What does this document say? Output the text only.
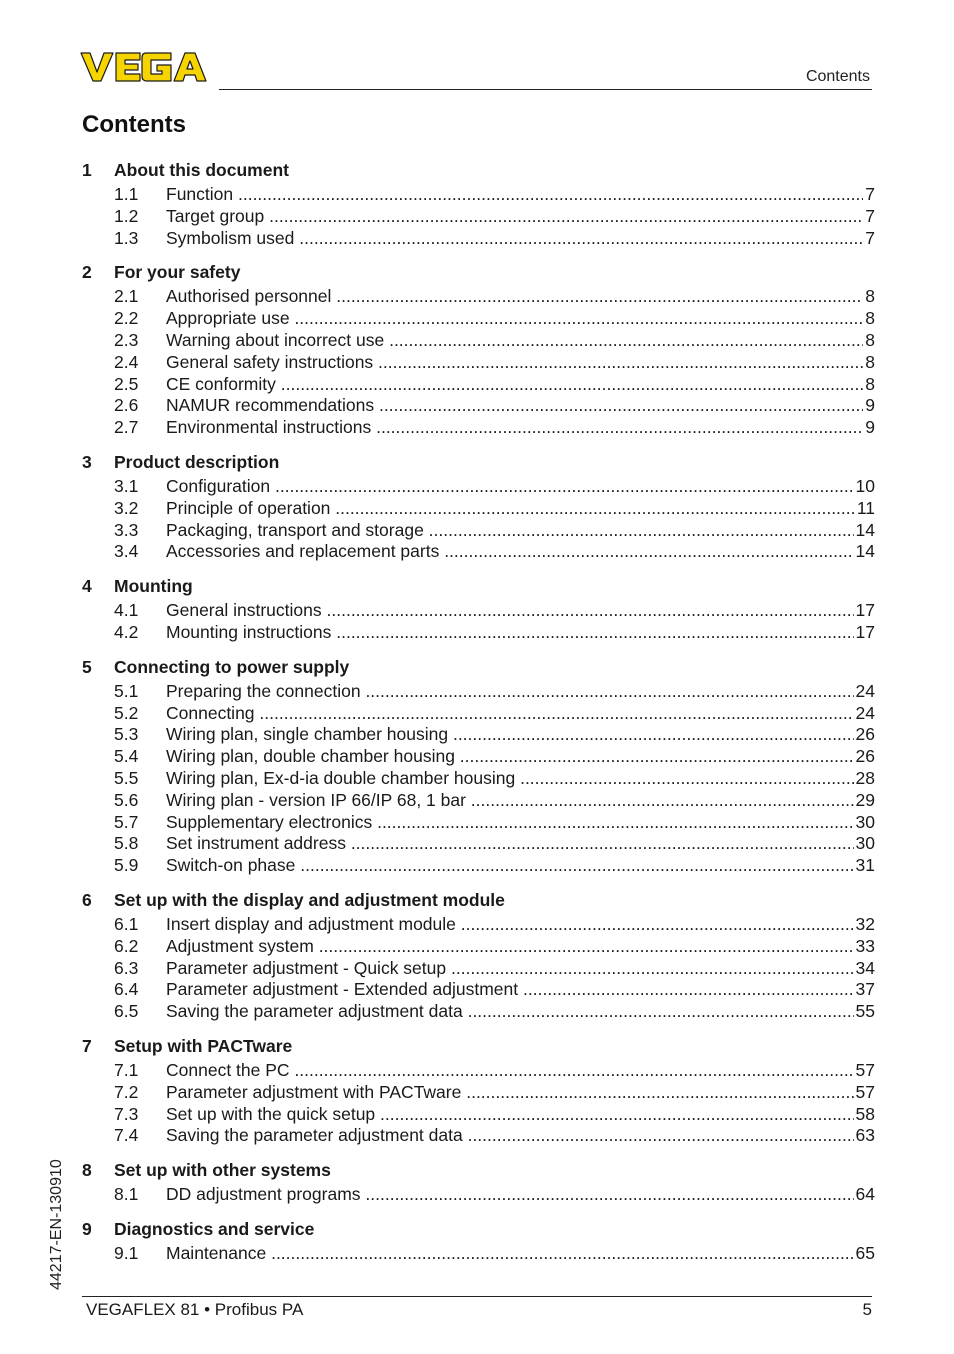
Contents
Contents
1	About this document
1.1	Function .....	7
1.2	Target group .....	7
1.3	Symbolism used .....	7
2	For your safety
2.1	Authorised personnel .....	8
2.2	Appropriate use .....	8
2.3	Warning about incorrect use .....	8
2.4	General safety instructions .....	8
2.5	CE conformity .....	8
2.6	NAMUR recommendations .....	9
2.7	Environmental instructions .....	9
3	Product description
3.1	Configuration .....	10
3.2	Principle of operation .....	11
3.3	Packaging, transport and storage .....	14
3.4	Accessories and replacement parts .....	14
4	Mounting
4.1	General instructions .....	17
4.2	Mounting instructions .....	17
5	Connecting to power supply
5.1	Preparing the connection .....	24
5.2	Connecting .....	24
5.3	Wiring plan, single chamber housing .....	26
5.4	Wiring plan, double chamber housing .....	26
5.5	Wiring plan, Ex-d-ia double chamber housing .....	28
5.6	Wiring plan - version IP 66/IP 68, 1 bar .....	29
5.7	Supplementary electronics .....	30
5.8	Set instrument address .....	30
5.9	Switch-on phase .....	31
6	Set up with the display and adjustment module
6.1	Insert display and adjustment module .....	32
6.2	Adjustment system .....	33
6.3	Parameter adjustment - Quick setup .....	34
6.4	Parameter adjustment - Extended adjustment .....	37
6.5	Saving the parameter adjustment data .....	55
7	Setup with PACTware
7.1	Connect the PC .....	57
7.2	Parameter adjustment with PACTware .....	57
7.3	Set up with the quick setup .....	58
7.4	Saving the parameter adjustment data .....	63
8	Set up with other systems
8.1	DD adjustment programs .....	64
9	Diagnostics and service
9.1	Maintenance .....	65
44217-EN-130910
VEGAFLEX 81 • Profibus PA	5
